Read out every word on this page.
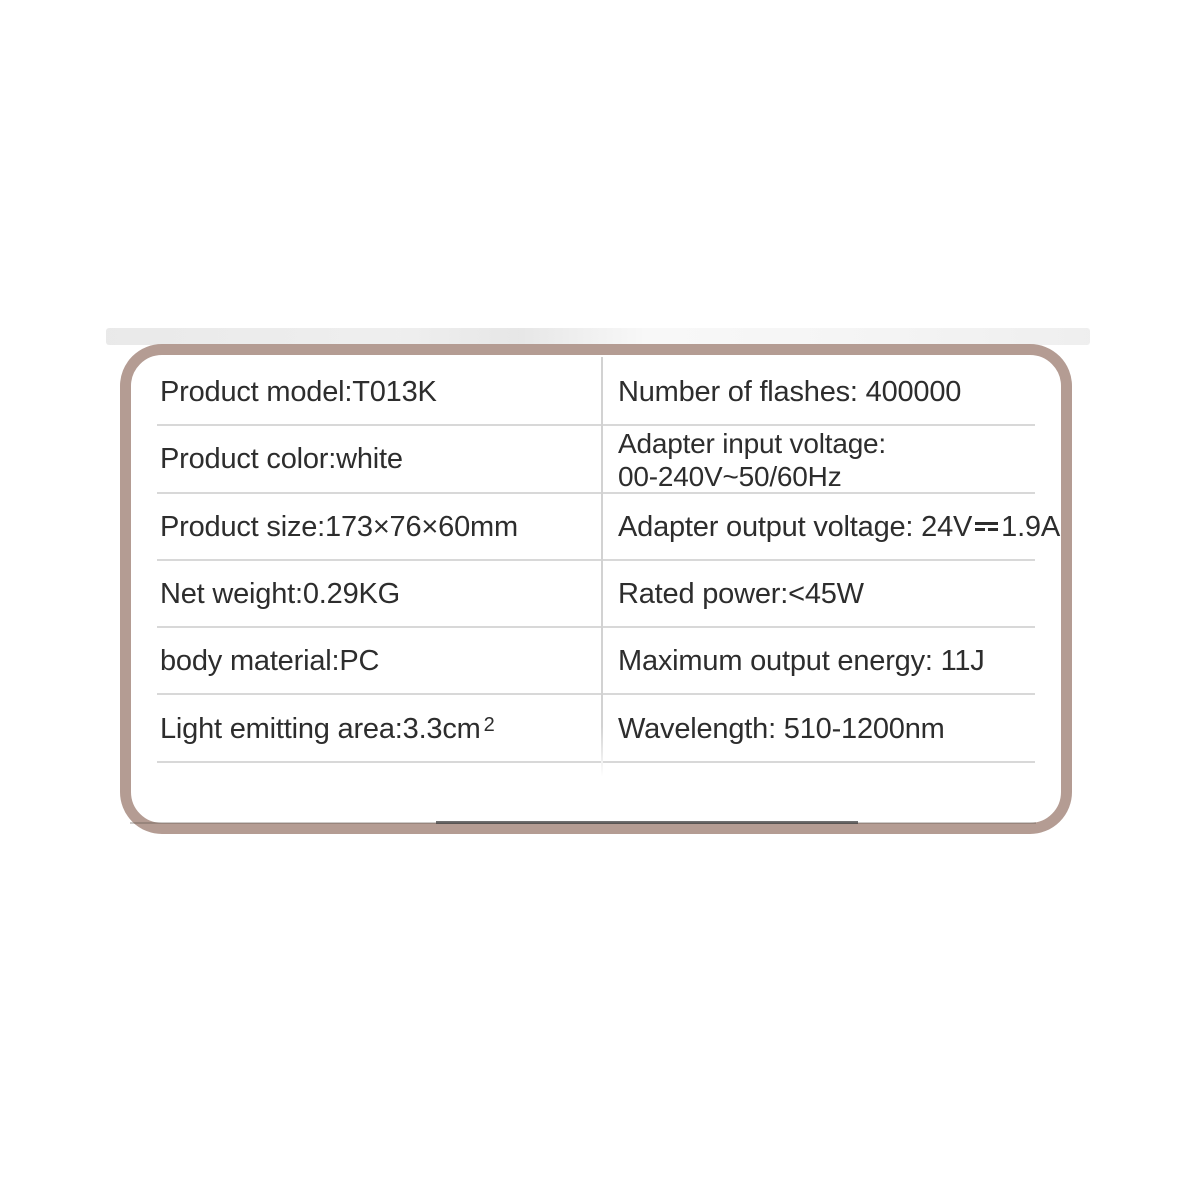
Product model:T013K
Product color:white
Product size:173×76×60mm
Net weight:0.29KG
body material:PC
Light emitting $area:3.3cm^2$
Number of flashes: 400000
Adapter input voltage:
00-240V~50/60Hz
Adapter output voltage: 24V 1.9A
Rated power:<45W
Maximum output energy: 11J
Wavelength: 510-1200nm
